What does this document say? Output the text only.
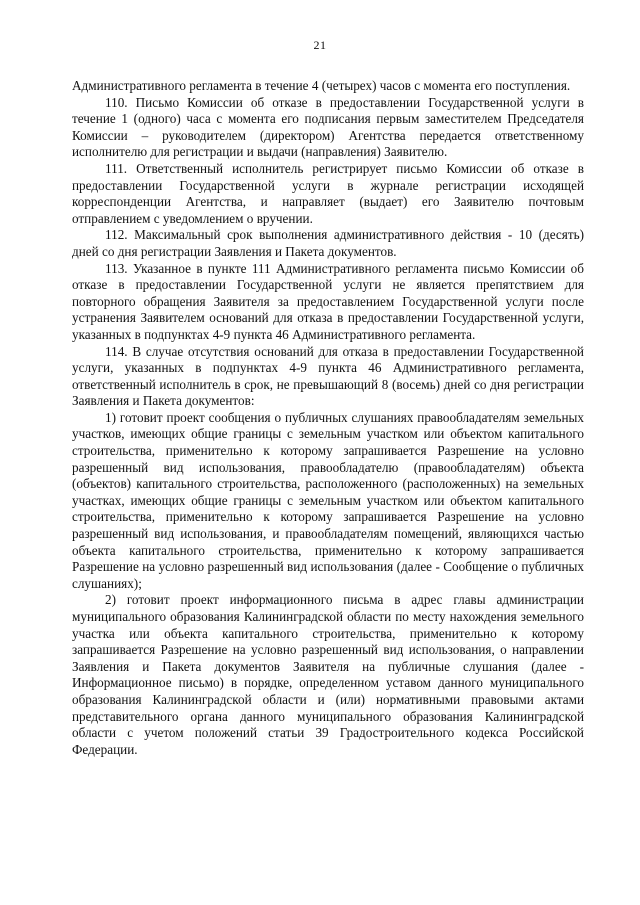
21

Административного регламента в течение 4 (четырех) часов с момента его поступления.

110. Письмо Комиссии об отказе в предоставлении Государственной услуги в течение 1 (одного) часа с момента его подписания первым заместителем Председателя Комиссии – руководителем (директором) Агентства передается ответственному исполнителю для регистрации и выдачи (направления) Заявителю.

111. Ответственный исполнитель регистрирует письмо Комиссии об отказе в предоставлении Государственной услуги в журнале регистрации исходящей корреспонденции Агентства, и направляет (выдает) его Заявителю почтовым отправлением с уведомлением о вручении.

112. Максимальный срок выполнения административного действия - 10 (десять) дней со дня регистрации Заявления и Пакета документов.

113. Указанное в пункте 111 Административного регламента письмо Комиссии об отказе в предоставлении Государственной услуги не является препятствием для повторного обращения Заявителя за предоставлением Государственной услуги после устранения Заявителем оснований для отказа в предоставлении Государственной услуги, указанных в подпунктах 4-9 пункта 46 Административного регламента.

114. В случае отсутствия оснований для отказа в предоставлении Государственной услуги, указанных в подпунктах 4-9 пункта 46 Административного регламента, ответственный исполнитель в срок, не превышающий 8 (восемь) дней со дня регистрации Заявления и Пакета документов:

1) готовит проект сообщения о публичных слушаниях правообладателям земельных участков, имеющих общие границы с земельным участком или объектом капитального строительства, применительно к которому запрашивается Разрешение на условно разрешенный вид использования, правообладателю (правообладателям) объекта (объектов) капитального строительства, расположенного (расположенных) на земельных участках, имеющих общие границы с земельным участком или объектом капитального строительства, применительно к которому запрашивается Разрешение на условно разрешенный вид использования, и правообладателям помещений, являющихся частью объекта капитального строительства, применительно к которому запрашивается Разрешение на условно разрешенный вид использования (далее - Сообщение о публичных слушаниях);

2) готовит проект информационного письма в адрес главы администрации муниципального образования Калининградской области по месту нахождения земельного участка или объекта капитального строительства, применительно к которому запрашивается Разрешение на условно разрешенный вид использования, о направлении Заявления и Пакета документов Заявителя на публичные слушания (далее - Информационное письмо) в порядке, определенном уставом данного муниципального образования Калининградской области и (или) нормативными правовыми актами представительного органа данного муниципального образования Калининградской области с учетом положений статьи 39 Градостроительного кодекса Российской Федерации.
